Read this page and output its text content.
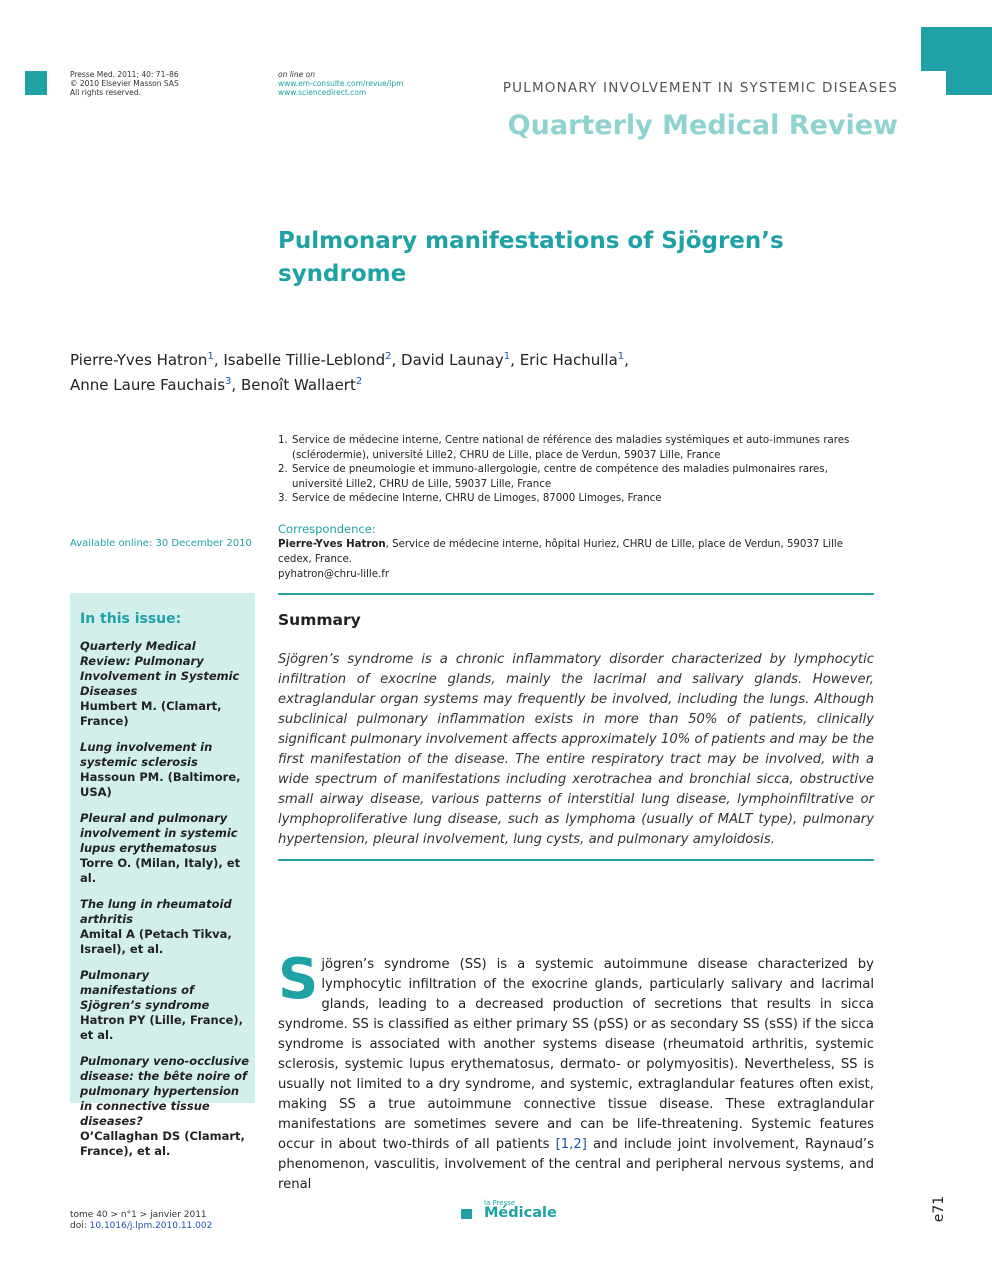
Presse Med. 2011; 40: 71–86
© 2010 Elsevier Masson SAS
All rights reserved.
on line on
www.em-consulte.com/revue/lpm
www.sciencedirect.com	PULMONARY INVOLVEMENT IN SYSTEMIC DISEASES
Quarterly Medical Review
Pulmonary manifestations of Sjögren’s syndrome
Pierre-Yves Hatron$^1$, Isabelle Tillie-Leblond$^2$, David Launay$^1$, Eric Hachulla$^1$,
Anne Laure Fauchais$^3$, Benoît Wallaert$^2$
1. Service de médecine interne, Centre national de référence des maladies systémiques et auto-immunes rares (sclérodermie), université Lille2, CHRU de Lille, place de Verdun, 59037 Lille, France
2. Service de pneumologie et immuno-allergologie, centre de compétence des maladies pulmonaires rares, université Lille2, CHRU de Lille, 59037 Lille, France
3. Service de médecine Interne, CHRU de Limoges, 87000 Limoges, France
Available online: 30 December 2010
Correspondence:
Pierre-Yves Hatron, Service de médecine interne, hôpital Huriez, CHRU de Lille, place de Verdun, 59037 Lille cedex, France.
pyhatron@chru-lille.fr
In this issue:
Quarterly Medical Review: Pulmonary Involvement in Systemic Diseases
Humbert M. (Clamart, France)
Lung involvement in systemic sclerosis
Hassoun PM. (Baltimore, USA)
Pleural and pulmonary involvement in systemic lupus erythematosus
Torre O. (Milan, Italy), et al.
The lung in rheumatoid arthritis
Amital A (Petach Tikva, Israel), et al.
Pulmonary manifestations of Sjögren’s syndrome
Hatron PY (Lille, France), et al.
Pulmonary veno-occlusive disease: the bête noire of pulmonary hypertension in connective tissue diseases?
O’Callaghan DS (Clamart, France), et al.
Summary
Sjögren’s syndrome is a chronic inflammatory disorder characterized by lymphocytic infiltration of exocrine glands, mainly the lacrimal and salivary glands. However, extraglandular organ systems may frequently be involved, including the lungs. Although subclinical pulmonary inflammation exists in more than 50% of patients, clinically significant pulmonary involvement affects approximately 10% of patients and may be the first manifestation of the disease. The entire respiratory tract may be involved, with a wide spectrum of manifestations including xerotrachea and bronchial sicca, obstructive small airway disease, various patterns of interstitial lung disease, lymphoinfiltrative or lymphoproliferative lung disease, such as lymphoma (usually of MALT type), pulmonary hypertension, pleural involvement, lung cysts, and pulmonary amyloidosis.
Sjögren’s syndrome (SS) is a systemic autoimmune disease characterized by lymphocytic infiltration of the exocrine glands, particularly salivary and lacrimal glands, leading to a decreased production of secretions that results in sicca syndrome. SS is classified as either primary SS (pSS) or as secondary SS (sSS) if the sicca syndrome is associated with another systems disease (rheumatoid arthritis, systemic sclerosis, systemic lupus erythematosus, dermato- or polymyositis). Nevertheless, SS is usually not limited to a dry syndrome, and systemic, extraglandular features often exist, making SS a true autoimmune connective tissue disease. These extraglandular manifestations are sometimes severe and can be life-threatening. Systemic features occur in about two-thirds of all patients [1,2] and include joint involvement, Raynaud’s phenomenon, vasculitis, involvement of the central and peripheral nervous systems, and renal
tome 40 > n°1 > janvier 2011
doi: 10.1016/j.lpm.2010.11.002
la Presse
Médicale	e71
